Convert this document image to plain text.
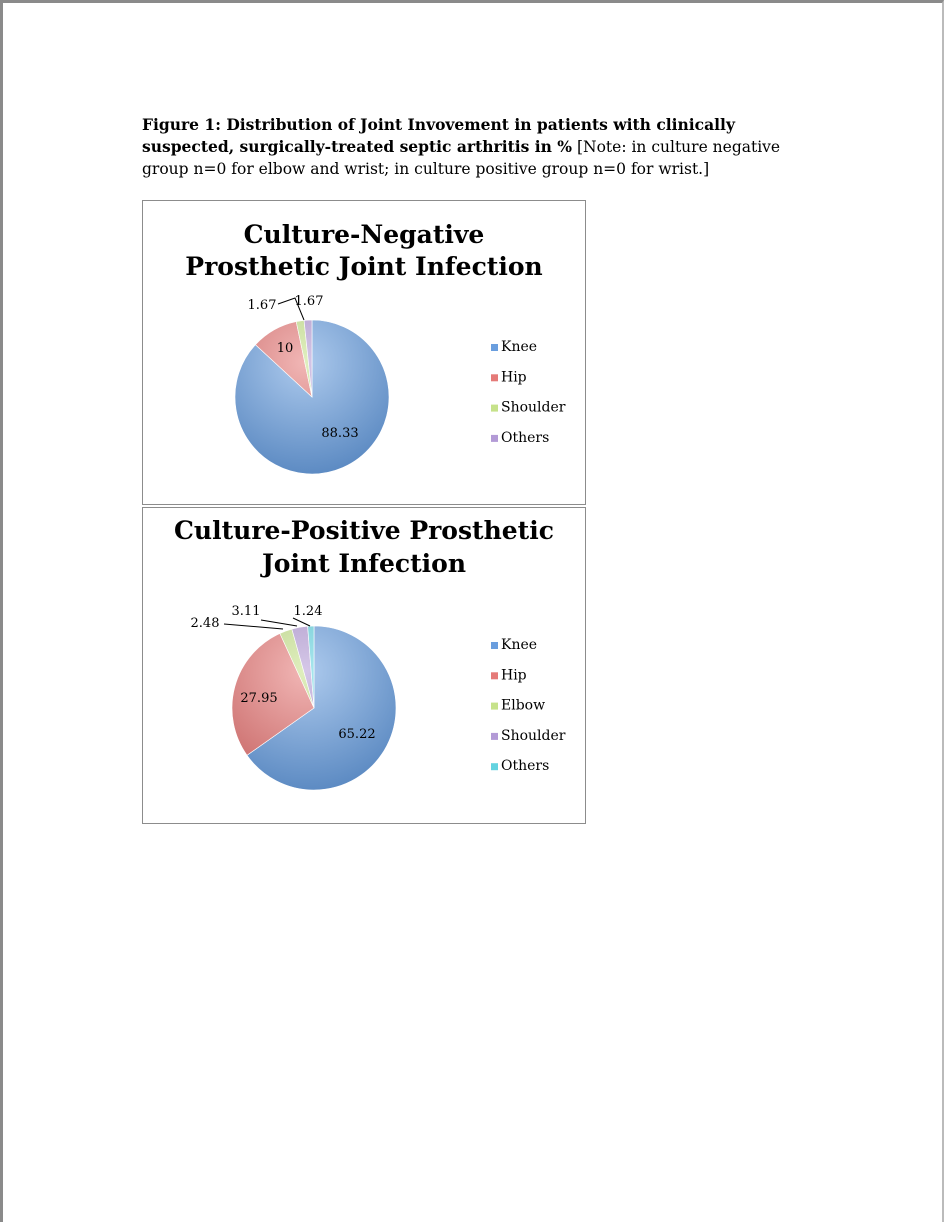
Figure 1: Distribution of Joint Invovement in patients with clinically suspected, surgically-treated septic arthritis in % [Note: in culture negative group n=0 for elbow and wrist; in culture positive group n=0 for wrist.]
Culture-Negative
Prosthetic Joint Infection
88.33
10
1.67 1.67
Knee
Hip
Shoulder
Others
Culture-Positive Prosthetic
Joint Infection
65.22
27.95
2.48
3.11	1.24
Knee
Hip
Elbow
Shoulder
Others
